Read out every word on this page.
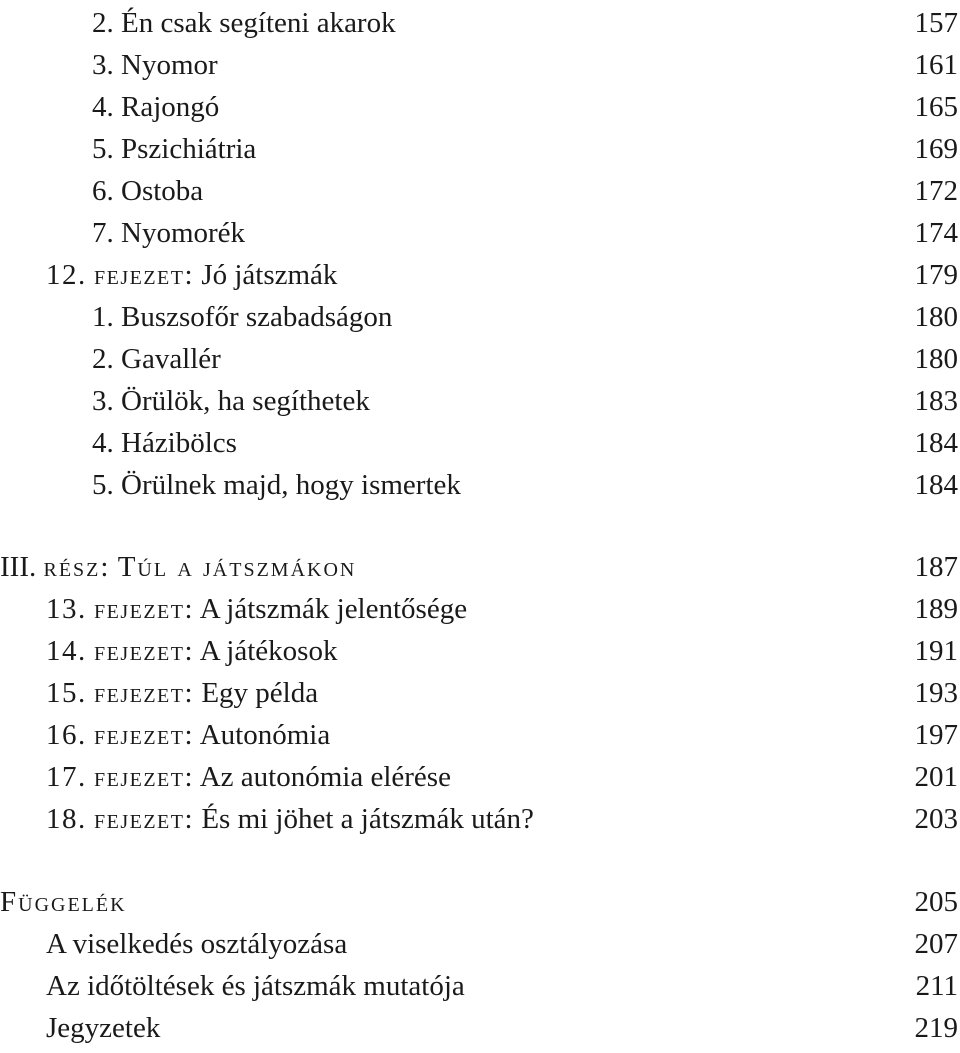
2. Én csak segíteni akarok	157
3. Nyomor	161
4. Rajongó	165
5. Pszichiátria	169
6. Ostoba	172
7. Nyomorék	174
12. fejezet: Jó játszmák	179
1. Buszsofőr szabadságon	180
2. Gavallér	180
3. Örülök, ha segíthetek	183
4. Házibölcs	184
5. Örülnek majd, hogy ismertek	184
III. rész: Túl a játszmákon	187
13. fejezet: A játszmák jelentősége	189
14. fejezet: A játékosok	191
15. fejezet: Egy példa	193
16. fejezet: Autonómia	197
17. fejezet: Az autonómia elérése	201
18. fejezet: És mi jöhet a játszmák után?	203
Függelék	205
A viselkedés osztályozása	207
Az időtöltések és játszmák mutatója	211
Jegyzetek	219
